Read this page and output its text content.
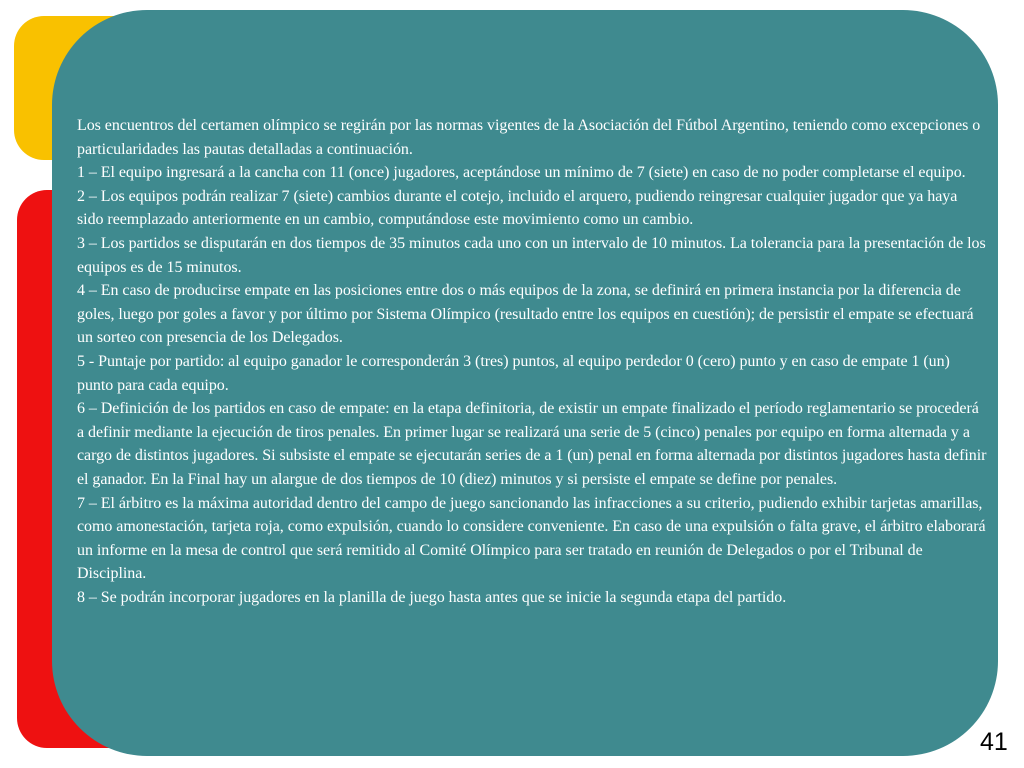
Los encuentros del certamen olímpico se regirán por las normas vigentes de la Asociación del Fútbol Argentino, teniendo como excepciones o particularidades las pautas detalladas a continuación.

1 – El equipo ingresará a la cancha con 11 (once) jugadores, aceptándose un mínimo de 7 (siete) en caso de no poder completarse el equipo.

2 – Los equipos podrán realizar 7 (siete) cambios durante el cotejo, incluido el arquero, pudiendo reingresar cualquier jugador que ya haya sido reemplazado anteriormente en un cambio, computándose este movimiento como un cambio.

3 – Los partidos se disputarán en dos tiempos de 35 minutos cada uno con un intervalo de 10 minutos. La tolerancia para la presentación de los equipos es de 15 minutos.

4 – En caso de producirse empate en las posiciones entre dos o más equipos de la zona, se definirá en primera instancia por la diferencia de goles, luego por goles a favor y por último por Sistema Olímpico (resultado entre los equipos en cuestión); de persistir el empate se efectuará un sorteo con presencia de los Delegados.

5 - Puntaje por partido: al equipo ganador le corresponderán 3 (tres) puntos, al equipo perdedor 0 (cero) punto y en caso de empate 1 (un) punto para cada equipo.

6 – Definición de los partidos en caso de empate: en la etapa definitoria, de existir un empate finalizado el período reglamentario se procederá a definir mediante la ejecución de tiros penales. En primer lugar se realizará una serie de 5 (cinco) penales por equipo en forma alternada y a cargo de distintos jugadores. Si subsiste el empate se ejecutarán series de a 1 (un) penal en forma alternada por distintos jugadores hasta definir el ganador. En la Final hay un alargue de dos tiempos de 10 (diez) minutos y si persiste el empate se define por penales.

7 – El árbitro es la máxima autoridad dentro del campo de juego sancionando las infracciones a su criterio, pudiendo exhibir tarjetas amarillas, como amonestación, tarjeta roja, como expulsión, cuando lo considere conveniente. En caso de una expulsión o falta grave, el árbitro elaborará un informe en la mesa de control que será remitido al Comité Olímpico para ser tratado en reunión de Delegados o por el Tribunal de Disciplina.

8 – Se podrán incorporar jugadores en la planilla de juego hasta antes que se inicie la segunda etapa del partido.

41
